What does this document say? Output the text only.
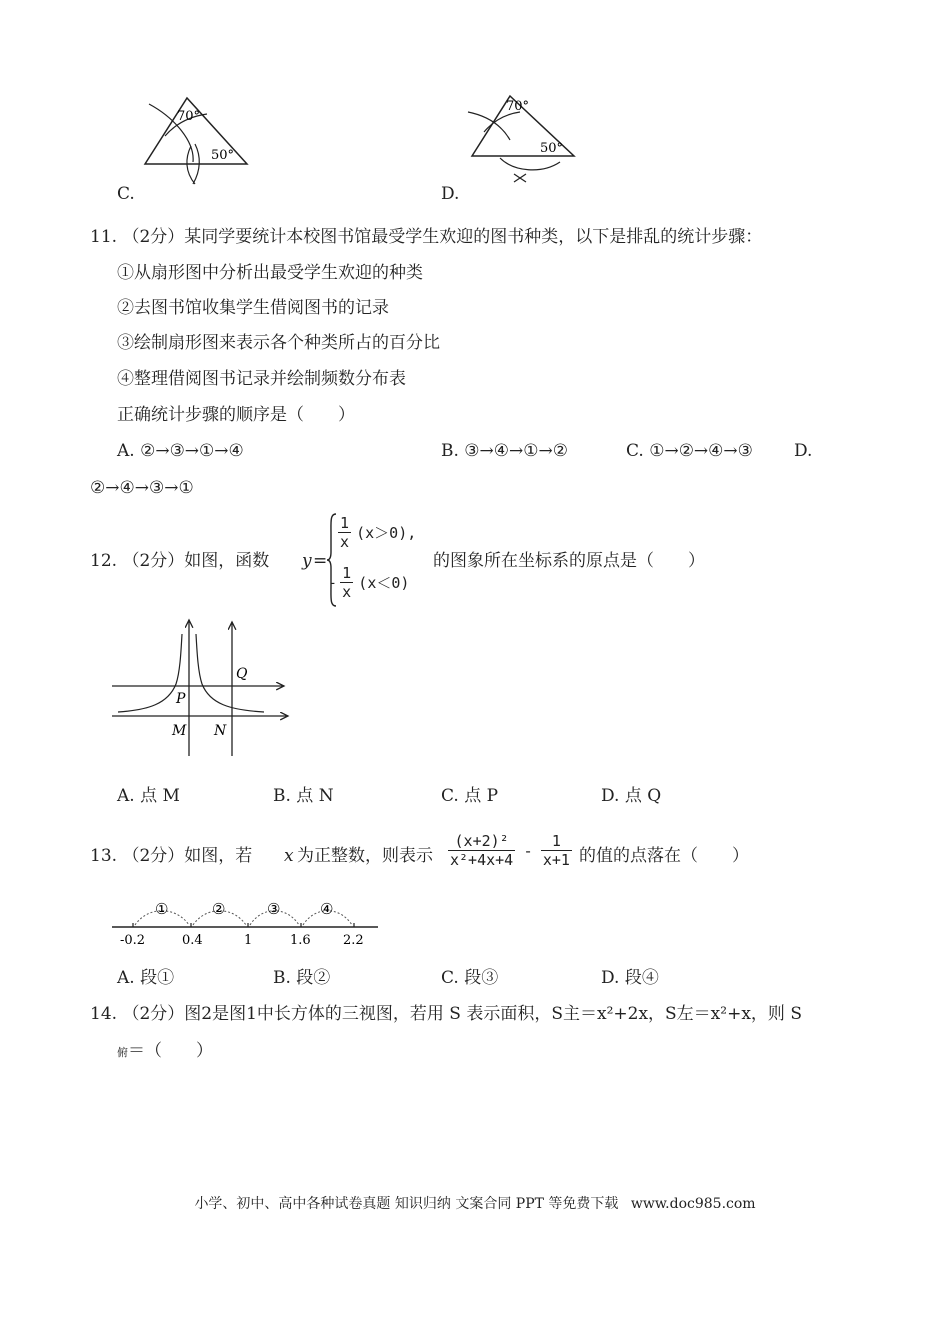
70°
50°
C.
70°
50°
D.
11. （2分）某同学要统计本校图书馆最受学生欢迎的图书种类，以下是排乱的统计步骤：
①从扇形图中分析出最受学生欢迎的种类
②去图书馆收集学生借阅图书的记录
③绘制扇形图来表示各个种类所占的百分比
④整理借阅图书记录并绘制频数分布表
正确统计步骤的顺序是（　　）
A. ②→③→①→④	B. ③→④→①→②	C. ①→②→④→③ D.
②→④→③→①
12. （2分）如图，函数 y =
$\frac{1}{x} (x>0)$,
- $\frac{1}{x} (x<0)$
的图象所在坐标系的原点是（　　）
P
Q
M N
A. 点 M	B. 点 N	C. 点 P	D. 点 Q
13. （2分）如图，若 x 为正整数，则表示 $\frac{\text{(x+2)²}}{\text{x²+4x+4}} - \frac{1}{x+1}$ 的值的点落在（　　）
①	②	③	④
-0.2	0.4	1	1.6 2.2
A. 段①	B. 段②	C. 段③	D. 段④
14. （2分）图2是图1中长方体的三视图，若用 S 表示面积，S主＝x²+2x，S左＝x²+x，则 S
俯＝（　　）
小学、初中、高中各种试卷真题 知识归纳 文案合同 PPT 等免费下载 www.doc985.com
